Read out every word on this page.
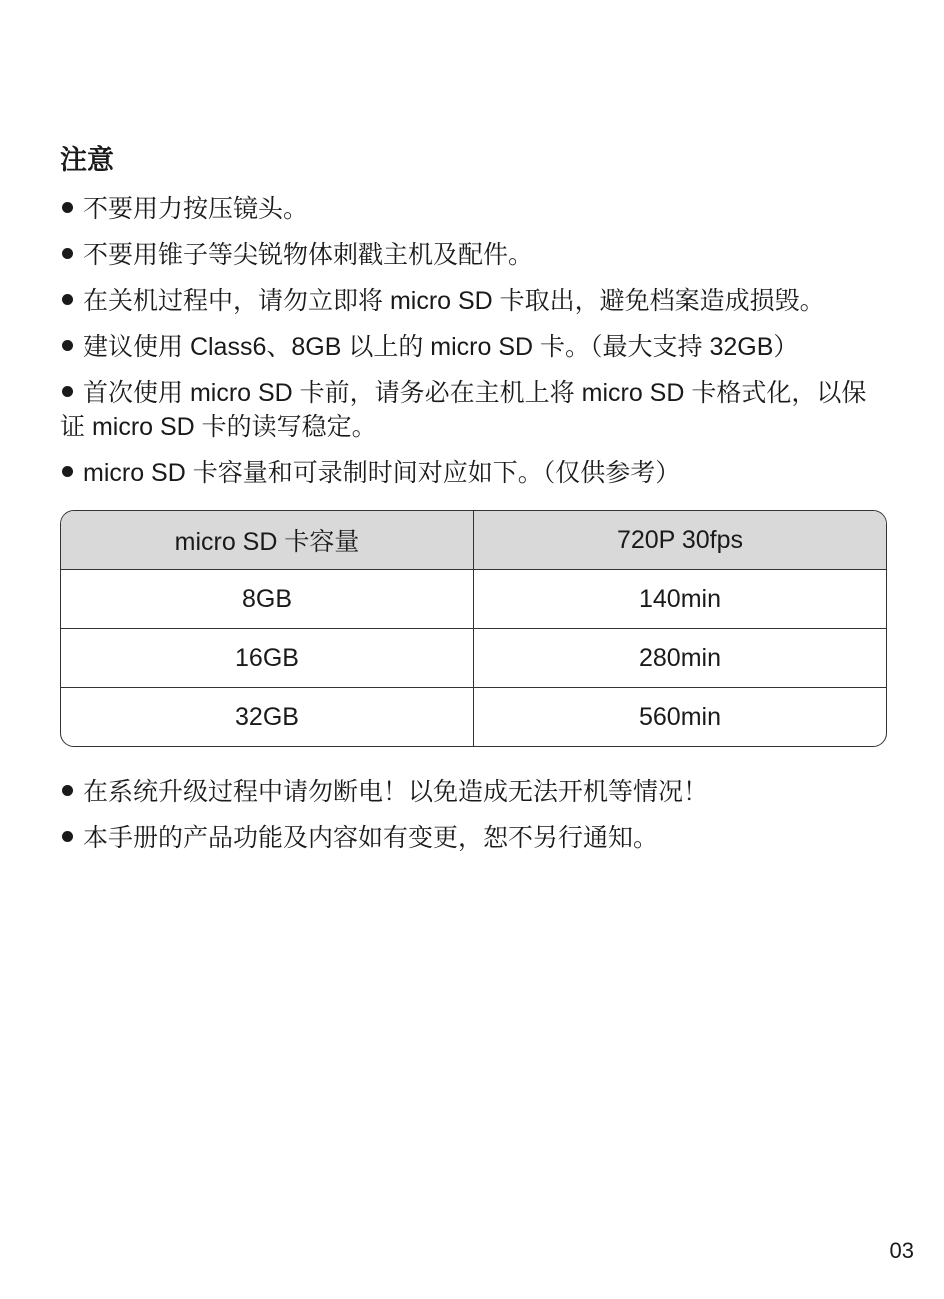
注意
不要用力按压镜头。
不要用锥子等尖锐物体刺戳主机及配件。
在关机过程中，请勿立即将 micro SD 卡取出，避免档案造成损毁。
建议使用 Class6、8GB 以上的 micro SD 卡。（最大支持 32GB）
首次使用 micro SD 卡前，请务必在主机上将 micro SD 卡格式化，以保证 micro SD 卡的读写稳定。
micro SD 卡容量和可录制时间对应如下。（仅供参考）
micro SD 卡容量	720P 30fps
8GB	140min
16GB	280min
32GB	560min
在系统升级过程中请勿断电！以免造成无法开机等情况！
本手册的产品功能及内容如有变更，恕不另行通知。
03
